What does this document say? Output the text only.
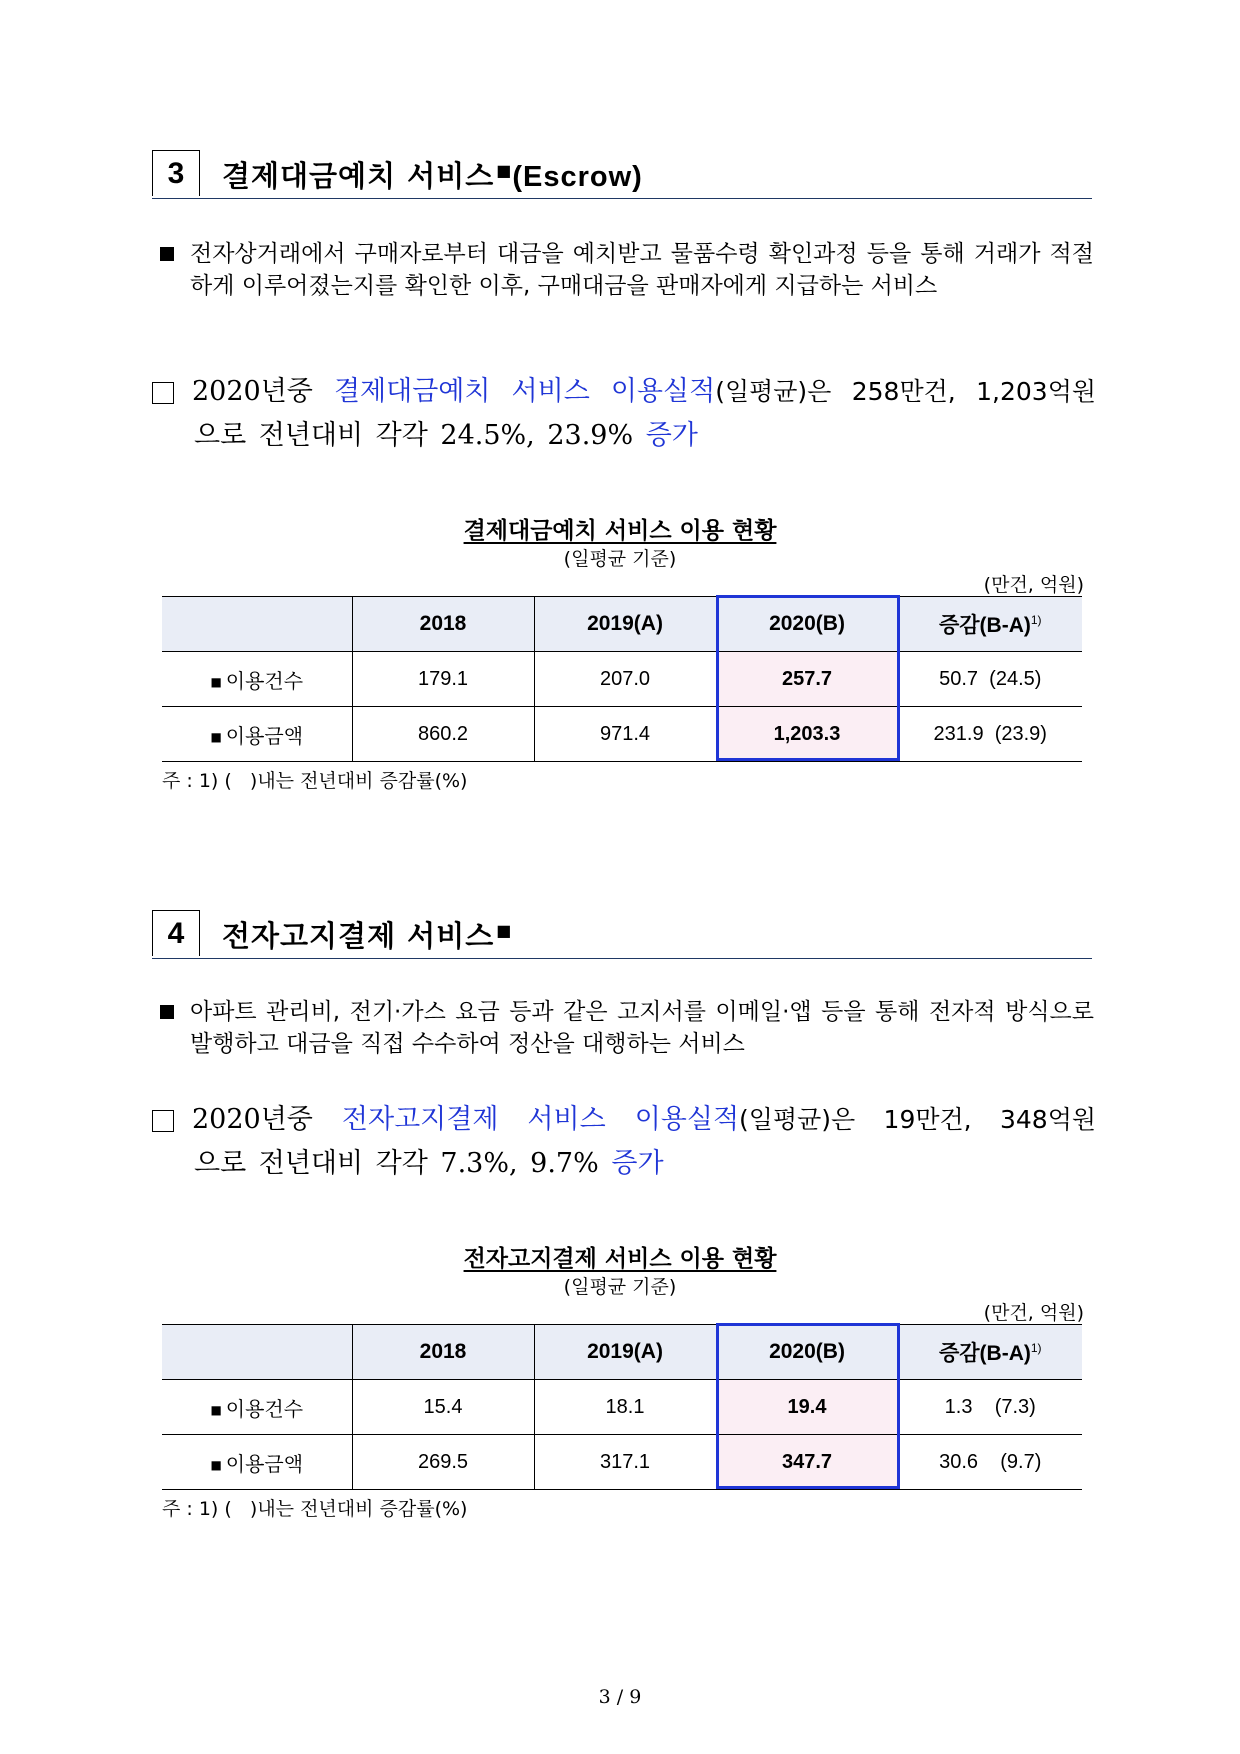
3	결제대금예치 서비스 ■(Escrow)
전자상거래에서 구매자로부터 대금을 예치받고 물품수령 확인과정 등을 통해 거래가 적절하게 이루어졌는지를 확인한 이후, 구매대금을 판매자에게 지급하는 서비스
2020년중 결제대금예치 서비스 이용실적(일평균)은 258만건, 1,203억원
으로 전년대비 각각 24.5%, 23.9% 증가
결제대금예치 서비스 이용 현황
(일평균 기준)
(만건, 억원)
	2018	2019(A)	2020(B)	증감$(B-A)^{1)}$
■ 이용건수	179.1	207.0	257.7	50.7 (24.5)
■ 이용금액	860.2	971.4	1,203.3	231.9 (23.9)
주 : 1) (   )내는 전년대비 증감률(%)
4	전자고지결제 서비스 ■
아파트 관리비, 전기·가스 요금 등과 같은 고지서를 이메일·앱 등을 통해 전자적 방식으로 발행하고 대금을 직접 수수하여 정산을 대행하는 서비스
2020년중 전자고지결제 서비스 이용실적(일평균)은 19만건, 348억원
으로 전년대비 각각 7.3%, 9.7% 증가
전자고지결제 서비스 이용 현황
(일평균 기준)
(만건, 억원)
	2018	2019(A)	2020(B)	증감$(B-A)^{1)}$
■ 이용건수	15.4	18.1	19.4	1.3 (7.3)
■ 이용금액	269.5	317.1	347.7	30.6 (9.7)
주 : 1) (   )내는 전년대비 증감률(%)
3 / 9
